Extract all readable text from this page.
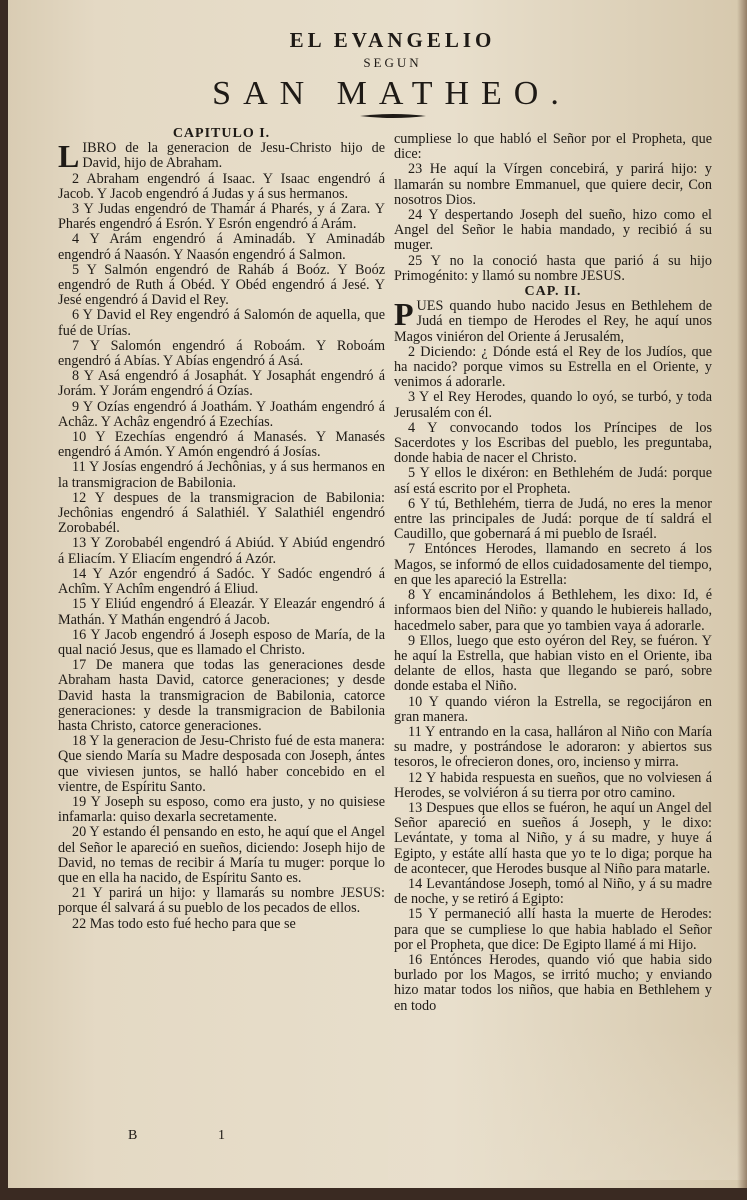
EL EVANGELIO
SEGUN
SAN MATHEO.
CAPITULO I.

LIBRO de la generacion de Jesu-Christo hijo de David, hijo de Abraham.

2 Abraham engendró á Isaac. Y Isaac engendró á Jacob. Y Jacob engendró á Judas y á sus hermanos.

3 Y Judas engendró de Thamár á Pharés, y á Zara. Y Pharés engendró á Esrón. Y Esrón engendró á Arám.

4 Y Arám engendró á Aminadáb. Y Aminadáb engendró á Naasón. Y Naasón engendró á Salmon.

5 Y Salmón engendró de Raháb á Boóz. Y Boóz engendró de Ruth á Obéd. Y Obéd engendró á Jesé. Y Jesé engendró á David el Rey.

6 Y David el Rey engendró á Salomón de aquella, que fué de Urías.

7 Y Salomón engendró á Roboám. Y Roboám engendró á Abías. Y Abías engendró á Asá.

8 Y Asá engendró á Josaphát. Y Josaphát engendró á Jorám. Y Jorám engendró á Ozías.

9 Y Ozías engendró á Joathám. Y Joathám engendró á Achâz. Y Achâz engendró á Ezechías.

10 Y Ezechías engendró á Manasés. Y Manasés engendró á Amón. Y Amón engendró á Josías.

11 Y Josías engendró á Jechônias, y á sus hermanos en la transmigracion de Babilonia.

12 Y despues de la transmigracion de Babilonia: Jechônias engendró á Salathiél. Y Salathiél engendró Zorobabél.

13 Y Zorobabél engendró á Abiúd. Y Abiúd engendró á Eliacím. Y Eliacím engendró á Azór.

14 Y Azór engendró á Sadóc. Y Sadóc engendró á Achîm. Y Achîm engendró á Eliud.

15 Y Eliúd engendró á Eleazár. Y Eleazár engendró á Mathán. Y Mathán engendró á Jacob.

16 Y Jacob engendró á Joseph esposo de María, de la qual nació Jesus, que es llamado el Christo.

17 De manera que todas las generaciones desde Abraham hasta David, catorce generaciones; y desde David hasta la transmigracion de Babilonia, catorce generaciones: y desde la transmigracion de Babilonia hasta Christo, catorce generaciones.

18 Y la generacion de Jesu-Christo fué de esta manera: Que siendo María su Madre desposada con Joseph, ántes que viviesen juntos, se halló haber concebido en el vientre, de Espíritu Santo.

19 Y Joseph su esposo, como era justo, y no quisiese infamarla: quiso dexarla secretamente.

20 Y estando él pensando en esto, he aquí que el Angel del Señor le apareció en sueños, diciendo: Joseph hijo de David, no temas de recibir á María tu muger: porque lo que en ella ha nacido, de Espíritu Santo es.

21 Y parirá un hijo: y llamarás su nombre JESUS: porque él salvará á su pueblo de los pecados de ellos.

22 Mas todo esto fué hecho para que se

cumpliese lo que habló el Señor por el Propheta, que dice:

23 He aquí la Vírgen concebirá, y parirá hijo: y llamarán su nombre Emmanuel, que quiere decir, Con nosotros Dios.

24 Y despertando Joseph del sueño, hizo como el Angel del Señor le habia mandado, y recibió á su muger.

25 Y no la conoció hasta que parió á su hijo Primogénito: y llamó su nombre JESUS.

CAP. II.

PUES quando hubo nacido Jesus en Bethlehem de Judá en tiempo de Herodes el Rey, he aquí unos Magos viniéron del Oriente á Jerusalém,

2 Diciendo: ¿ Dónde está el Rey de los Judíos, que ha nacido? porque vimos su Estrella en el Oriente, y venimos á adorarle.

3 Y el Rey Herodes, quando lo oyó, se turbó, y toda Jerusalém con él.

4 Y convocando todos los Príncipes de los Sacerdotes y los Escribas del pueblo, les preguntaba, donde habia de nacer el Christo.

5 Y ellos le dixéron: en Bethlehém de Judá: porque así está escrito por el Propheta.

6 Y tú, Bethlehém, tierra de Judá, no eres la menor entre las principales de Judá: porque de tí saldrá el Caudillo, que gobernará á mi pueblo de Israél.

7 Entónces Herodes, llamando en secreto á los Magos, se informó de ellos cuidadosamente del tiempo, en que les apareció la Estrella:

8 Y encaminándolos á Bethlehem, les dixo: Id, é informaos bien del Niño: y quando le hubiereis hallado, hacedmelo saber, para que yo tambien vaya á adorarle.

9 Ellos, luego que esto oyéron del Rey, se fuéron. Y he aquí la Estrella, que habian visto en el Oriente, iba delante de ellos, hasta que llegando se paró, sobre donde estaba el Niño.

10 Y quando viéron la Estrella, se regocijáron en gran manera.

11 Y entrando en la casa, halláron al Niño con María su madre, y postrándose le adoraron: y abiertos sus tesoros, le ofrecieron dones, oro, incienso y mirra.

12 Y habida respuesta en sueños, que no volviesen á Herodes, se volviéron á su tierra por otro camino.

13 Despues que ellos se fuéron, he aquí un Angel del Señor apareció en sueños á Joseph, y le dixo: Levántate, y toma al Niño, y á su madre, y huye á Egipto, y estáte allí hasta que yo te lo diga; porque ha de acontecer, que Herodes busque al Niño para matarle.

14 Levantándose Joseph, tomó al Niño, y á su madre de noche, y se retiró á Egipto:

15 Y permaneció allí hasta la muerte de Herodes: para que se cumpliese lo que habia hablado el Señor por el Propheta, que dice: De Egipto llamé á mi Hijo.

16 Entónces Herodes, quando vió que habia sido burlado por los Magos, se irritó mucho; y enviando hizo matar todos los niños, que habia en Bethlehem y en todo

B	1
